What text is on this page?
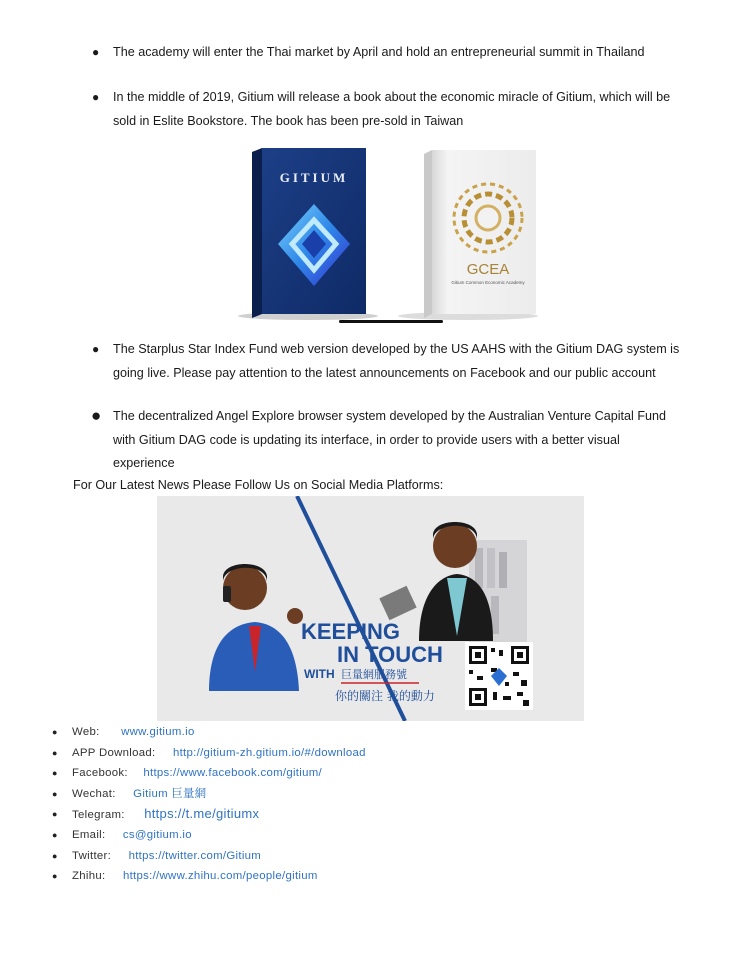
● The academy will enter the Thai market by April and hold an entrepreneurial summit in Thailand
● In the middle of 2019, Gitium will release a book about the economic miracle of Gitium, which will be sold in Eslite Bookstore. The book has been pre-sold in Taiwan
GITIUM
GCEA
Gitium Common Economic Academy
● The Starplus Star Index Fund web version developed by the US AAHS with the Gitium DAG system is going live. Please pay attention to the latest announcements on Facebook and our public account
● The decentralized Angel Explore browser system developed by the Australian Venture Capital Fund with Gitium DAG code is updating its interface, in order to provide users with a better visual experience
For Our Latest News Please Follow Us on Social Media Platforms:
KEEPING
IN TOUCH
WITH 巨量網服務號
你的關注 我的動力
● Web: www.gitium.io
● APP Download: http://gitium-zh.gitium.io/#/download
● Facebook: https://www.facebook.com/gitium/
● Wechat: Gitium 巨量網
● Telegram: https://t.me/gitiumx
● Email: cs@gitium.io
● Twitter: https://twitter.com/Gitium
● Zhihu: https://www.zhihu.com/people/gitium
